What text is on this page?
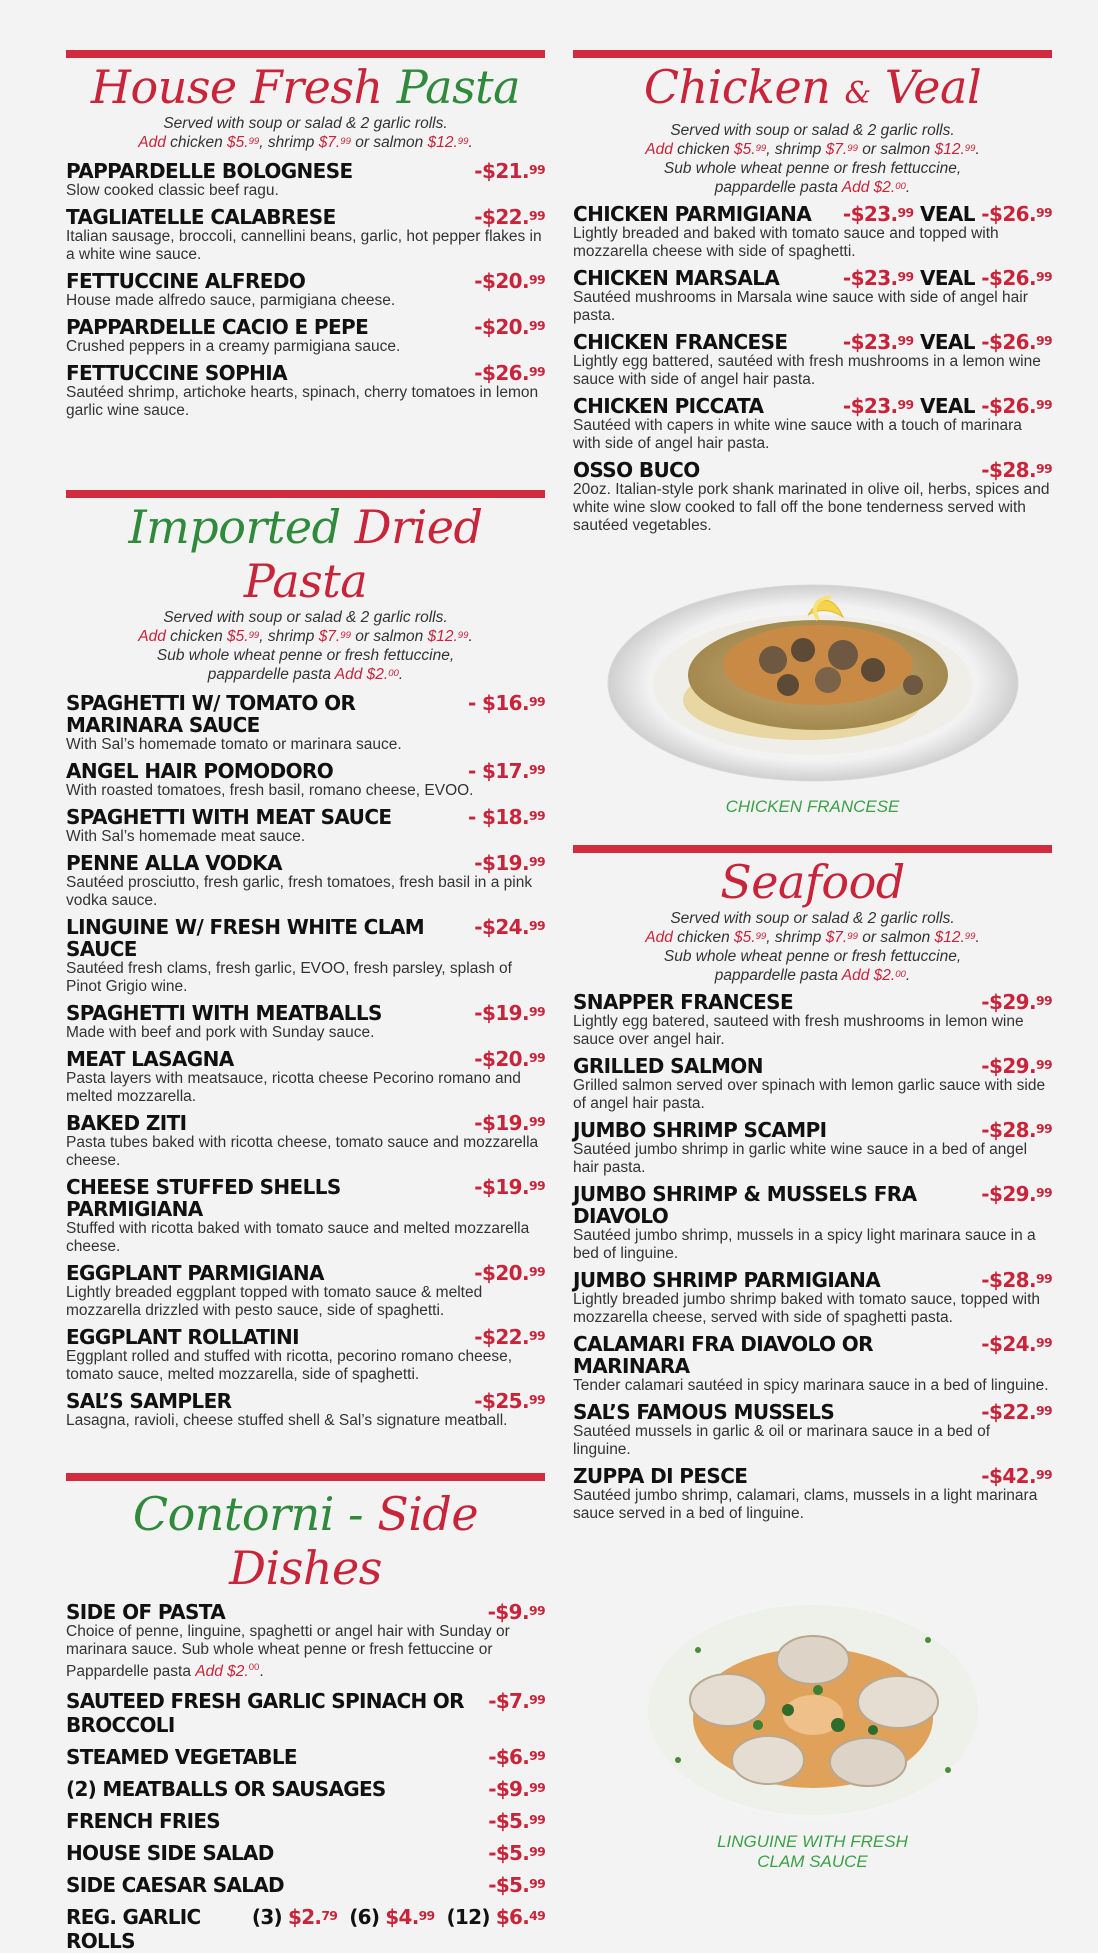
House Fresh Pasta
Served with soup or salad & 2 garlic rolls.
Add chicken $5.99, shrimp $7.99 or salmon $12.99.
PAPPARDELLE BOLOGNESE	-$21.99
Slow cooked classic beef ragu.
TAGLIATELLE CALABRESE	-$22.99
Italian sausage, broccoli, cannellini beans, garlic, hot pepper flakes in a white wine sauce.
FETTUCCINE ALFREDO	-$20.99
House made alfredo sauce, parmigiana cheese.
PAPPARDELLE CACIO E PEPE	-$20.99
Crushed peppers in a creamy parmigiana sauce.
FETTUCCINE SOPHIA	-$26.99
Sautéed shrimp, artichoke hearts, spinach, cherry tomatoes in lemon garlic wine sauce.
Imported Dried Pasta
Served with soup or salad & 2 garlic rolls.
Add chicken $5.99, shrimp $7.99 or salmon $12.99.
Sub whole wheat penne or fresh fettuccine,
pappardelle pasta Add $2.00.
SPAGHETTI W/ TOMATO OR MARINARA SAUCE
- $16.99
With Sal’s homemade tomato or marinara sauce.
ANGEL HAIR POMODORO	- $17.99
With roasted tomatoes, fresh basil, romano cheese, EVOO.
SPAGHETTI WITH MEAT SAUCE	- $18.99
With Sal’s homemade meat sauce.
PENNE ALLA VODKA	-$19.99
Sautéed prosciutto, fresh garlic, fresh tomatoes, fresh basil in a pink vodka sauce.
LINGUINE W/ FRESH WHITE CLAM SAUCE
-$24.99
Sautéed fresh clams, fresh garlic, EVOO, fresh parsley, splash of Pinot Grigio wine.
SPAGHETTI WITH MEATBALLS	-$19.99
Made with beef and pork with Sunday sauce.
MEAT LASAGNA	-$20.99
Pasta layers with meatsauce, ricotta cheese Pecorino romano and melted mozzarella.
BAKED ZITI	-$19.99
Pasta tubes baked with ricotta cheese, tomato sauce and mozzarella cheese.
CHEESE STUFFED SHELLS PARMIGIANA
-$19.99
Stuffed with ricotta baked with tomato sauce and melted mozzarella cheese.
EGGPLANT PARMIGIANA	-$20.99
Lightly breaded eggplant topped with tomato sauce & melted mozzarella drizzled with pesto sauce, side of spaghetti.
EGGPLANT ROLLATINI	-$22.99
Eggplant rolled and stuffed with ricotta, pecorino romano cheese, tomato sauce, melted mozzarella, side of spaghetti.
SAL’S SAMPLER	-$25.99
Lasagna, ravioli, cheese stuffed shell & Sal’s signature meatball.
Contorni - Side Dishes
SIDE OF PASTA	-$9.99
Choice of penne, linguine, spaghetti or angel hair with Sunday or marinara sauce. Sub whole wheat penne or fresh fettuccine or Pappardelle pasta Add $2.00.
SAUTEED FRESH GARLIC SPINACH OR BROCCOLI
-$7.99
STEAMED VEGETABLE	-$6.99
(2) MEATBALLS OR SAUSAGES	-$9.99
FRENCH FRIES	-$5.99
HOUSE SIDE SALAD	-$5.99
SIDE CAESAR SALAD	-$5.99
REG. GARLIC ROLLS
(3) $2.79 (6) $4.99 (12) $6.49
Chicken & Veal
Served with soup or salad & 2 garlic rolls.
Add chicken $5.99, shrimp $7.99 or salmon $12.99.
Sub whole wheat penne or fresh fettuccine,
pappardelle pasta Add $2.00.
CHICKEN PARMIGIANA	-$23.99 VEAL -$26.99
Lightly breaded and baked with tomato sauce and topped with mozzarella cheese with side of spaghetti.
CHICKEN MARSALA	-$23.99 VEAL -$26.99
Sautéed mushrooms in Marsala wine sauce with side of angel hair pasta.
CHICKEN FRANCESE	-$23.99 VEAL -$26.99
Lightly egg battered, sautéed with fresh mushrooms in a lemon wine sauce with side of angel hair pasta.
CHICKEN PICCATA	-$23.99 VEAL -$26.99
Sautéed with capers in white wine sauce with a touch of marinara with side of angel hair pasta.
OSSO BUCO	-$28.99
20oz. Italian-style pork shank marinated in olive oil, herbs, spices and white wine slow cooked to fall off the bone tenderness served with sautéed vegetables.
CHICKEN FRANCESE
Seafood
Served with soup or salad & 2 garlic rolls.
Add chicken $5.99, shrimp $7.99 or salmon $12.99.
Sub whole wheat penne or fresh fettuccine,
pappardelle pasta Add $2.00.
SNAPPER FRANCESE	-$29.99
Lightly egg batered, sauteed with fresh mushrooms in lemon wine sauce over angel hair.
GRILLED SALMON	-$29.99
Grilled salmon served over spinach with lemon garlic sauce with side of angel hair pasta.
JUMBO SHRIMP SCAMPI	-$28.99
Sautéed jumbo shrimp in garlic white wine sauce in a bed of angel hair pasta.
JUMBO SHRIMP & MUSSELS FRA DIAVOLO
-$29.99
Sautéed jumbo shrimp, mussels in a spicy light marinara sauce in a bed of linguine.
JUMBO SHRIMP PARMIGIANA	-$28.99
Lightly breaded jumbo shrimp baked with tomato sauce, topped with mozzarella cheese, served with side of spaghetti pasta.
CALAMARI FRA DIAVOLO OR MARINARA
-$24.99
Tender calamari sautéed in spicy marinara sauce in a bed of linguine.
SAL’S FAMOUS MUSSELS	-$22.99
Sautéed mussels in garlic & oil or marinara sauce in a bed of linguine.
ZUPPA DI PESCE	-$42.99
Sautéed jumbo shrimp, calamari, clams, mussels in a light marinara sauce served in a bed of linguine.
LINGUINE WITH FRESH
CLAM SAUCE
